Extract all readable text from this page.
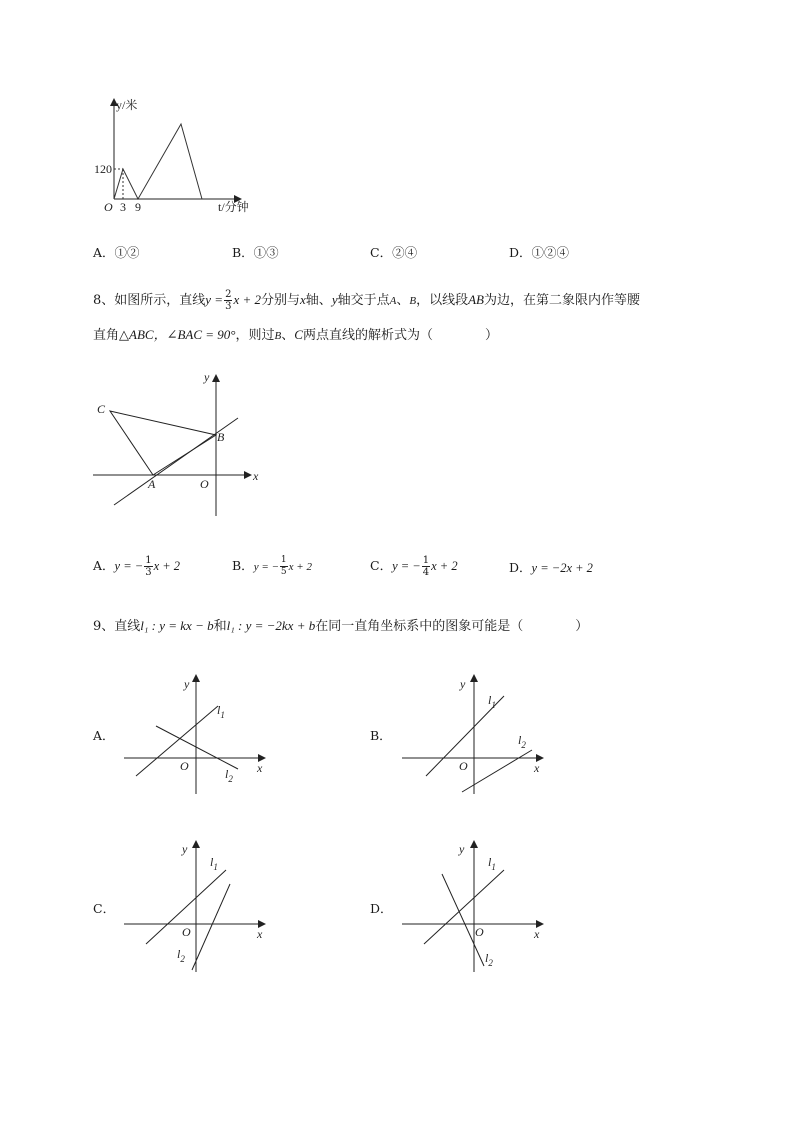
y/米
120
O 3 9	t/分钟
A．①②	B．①③	C．②④	D．①②④
8、如图所示，直线$y = \frac{2}{3}$ x + 2分别与x轴、y轴交于点A、B，以线段AB为边，在第二象限内作等腰
直角△ABC，∠BAC = 90°，则过B、C两点直线的解析式为（　　　　）
y
x
C
B
A	O
A．y = − $\frac{1}{3}$ x + 2	B．y = − $\frac{1}{5}$ x + 2	C．y = − $\frac{1}{4}$ x + 2	D．y = −2x + 2
9、直线l₁ : y = kx − b和l₁ : y = −2kx + b在同一直角坐标系中的图象可能是（　　　　）
A．	B．
C．	D．
y
x
O
$l_1$
$l_2$
y
x
O
$l_1$
$l_2$
y
x
O
$l_1$
$l_2$
y
x
O
$l_1$
$l_2$
